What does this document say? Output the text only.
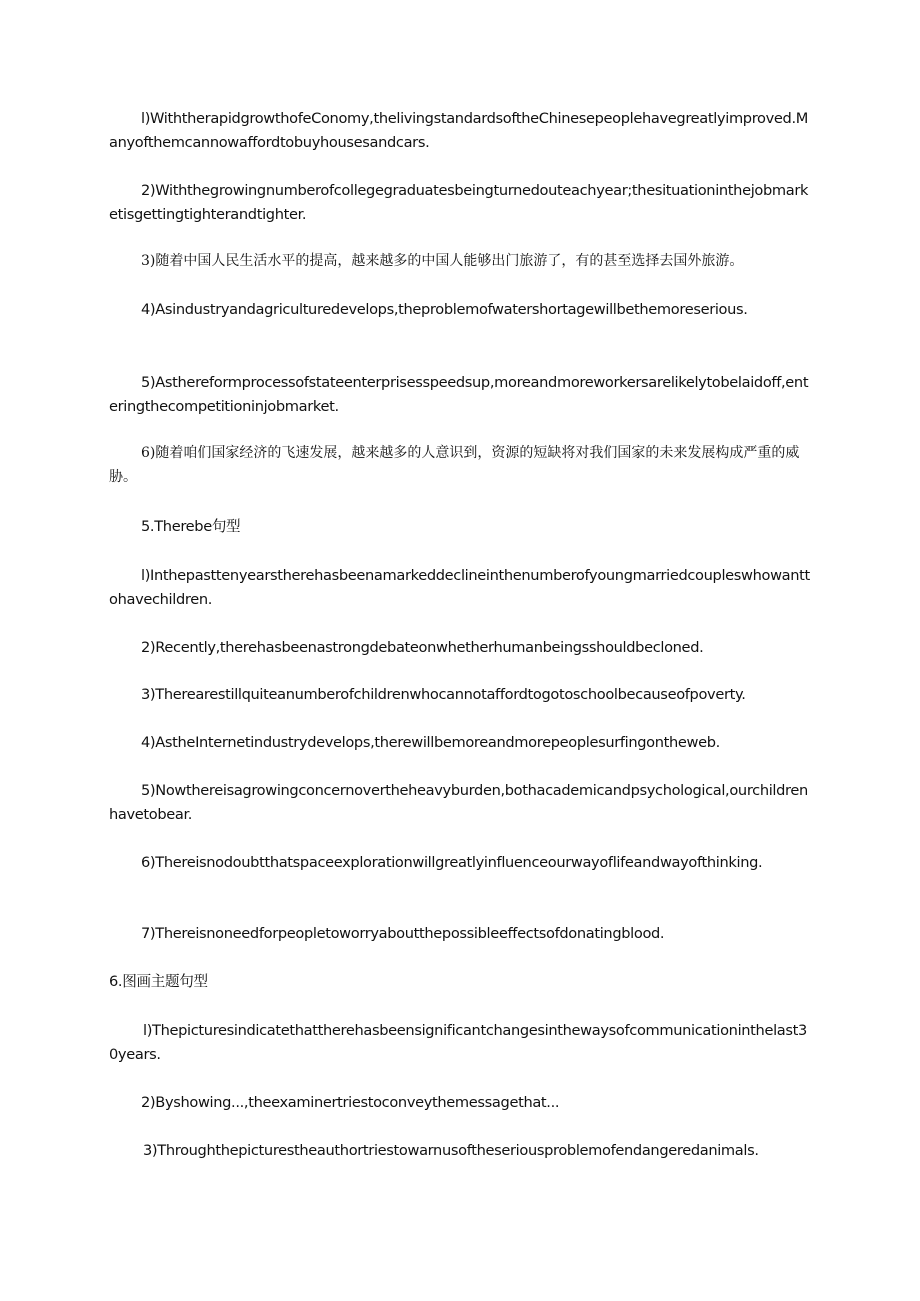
l)WiththerapidgrowthofeConomy,thelivingstandardsoftheChinesepeoplehavegreatlyimproved.Manyofthemcannowaffordtobuyhousesandcars.

2)Withthegrowingnumberofcollegegraduatesbeingturnedouteachyear;thesituationinthejobmarketisgettingtighterandtighter.

3)随着中国人民生活水平的提高，越来越多的中国人能够出门旅游了，有的甚至选择去国外旅游。

4)Asindustryandagriculturedevelops,theproblemofwatershortagewillbethemoreserious.

5)Asthereformprocessofstateenterprisesspeedsup,moreandmoreworkersarelikelytobelaidoff,enteringthecompetitioninjobmarket.

6)随着咱们国家经济的飞速发展，越来越多的人意识到，资源的短缺将对我们国家的未来发展构成严重的威胁。

5.Therebe句型

l)Inthepasttenyearstherehasbeenamarkeddeclineinthenumberofyoungmarriedcoupleswhowanttohavechildren.

2)Recently,therehasbeenastrongdebateonwhetherhumanbeingsshouldbecloned.

3)Therearestillquiteanumberofchildrenwhocannotaffordtogotoschoolbecauseofpoverty.

4)AstheInternetindustrydevelops,therewillbemoreandmorepeoplesurfingontheweb.

5)Nowthereisagrowingconcernovertheheavyburden,bothacademicandpsychological,ourchildrenhavetobear.

6)Thereisnodoubtthatspaceexplorationwillgreatlyinfluenceourwayoflifeandwayofthinking.

7)Thereisnoneedforpeopletoworryaboutthepossibleeffectsofdonatingblood.

6.图画主题句型

l)Thepicturesindicatethattherehasbeensignificantchangesinthewaysofcommunicationinthelast30years.

2)Byshowing...,theexaminertriestoconveythemessagethat...

3)Throughthepicturestheauthortriestowarnusoftheseriousproblemofendangeredanimals.
